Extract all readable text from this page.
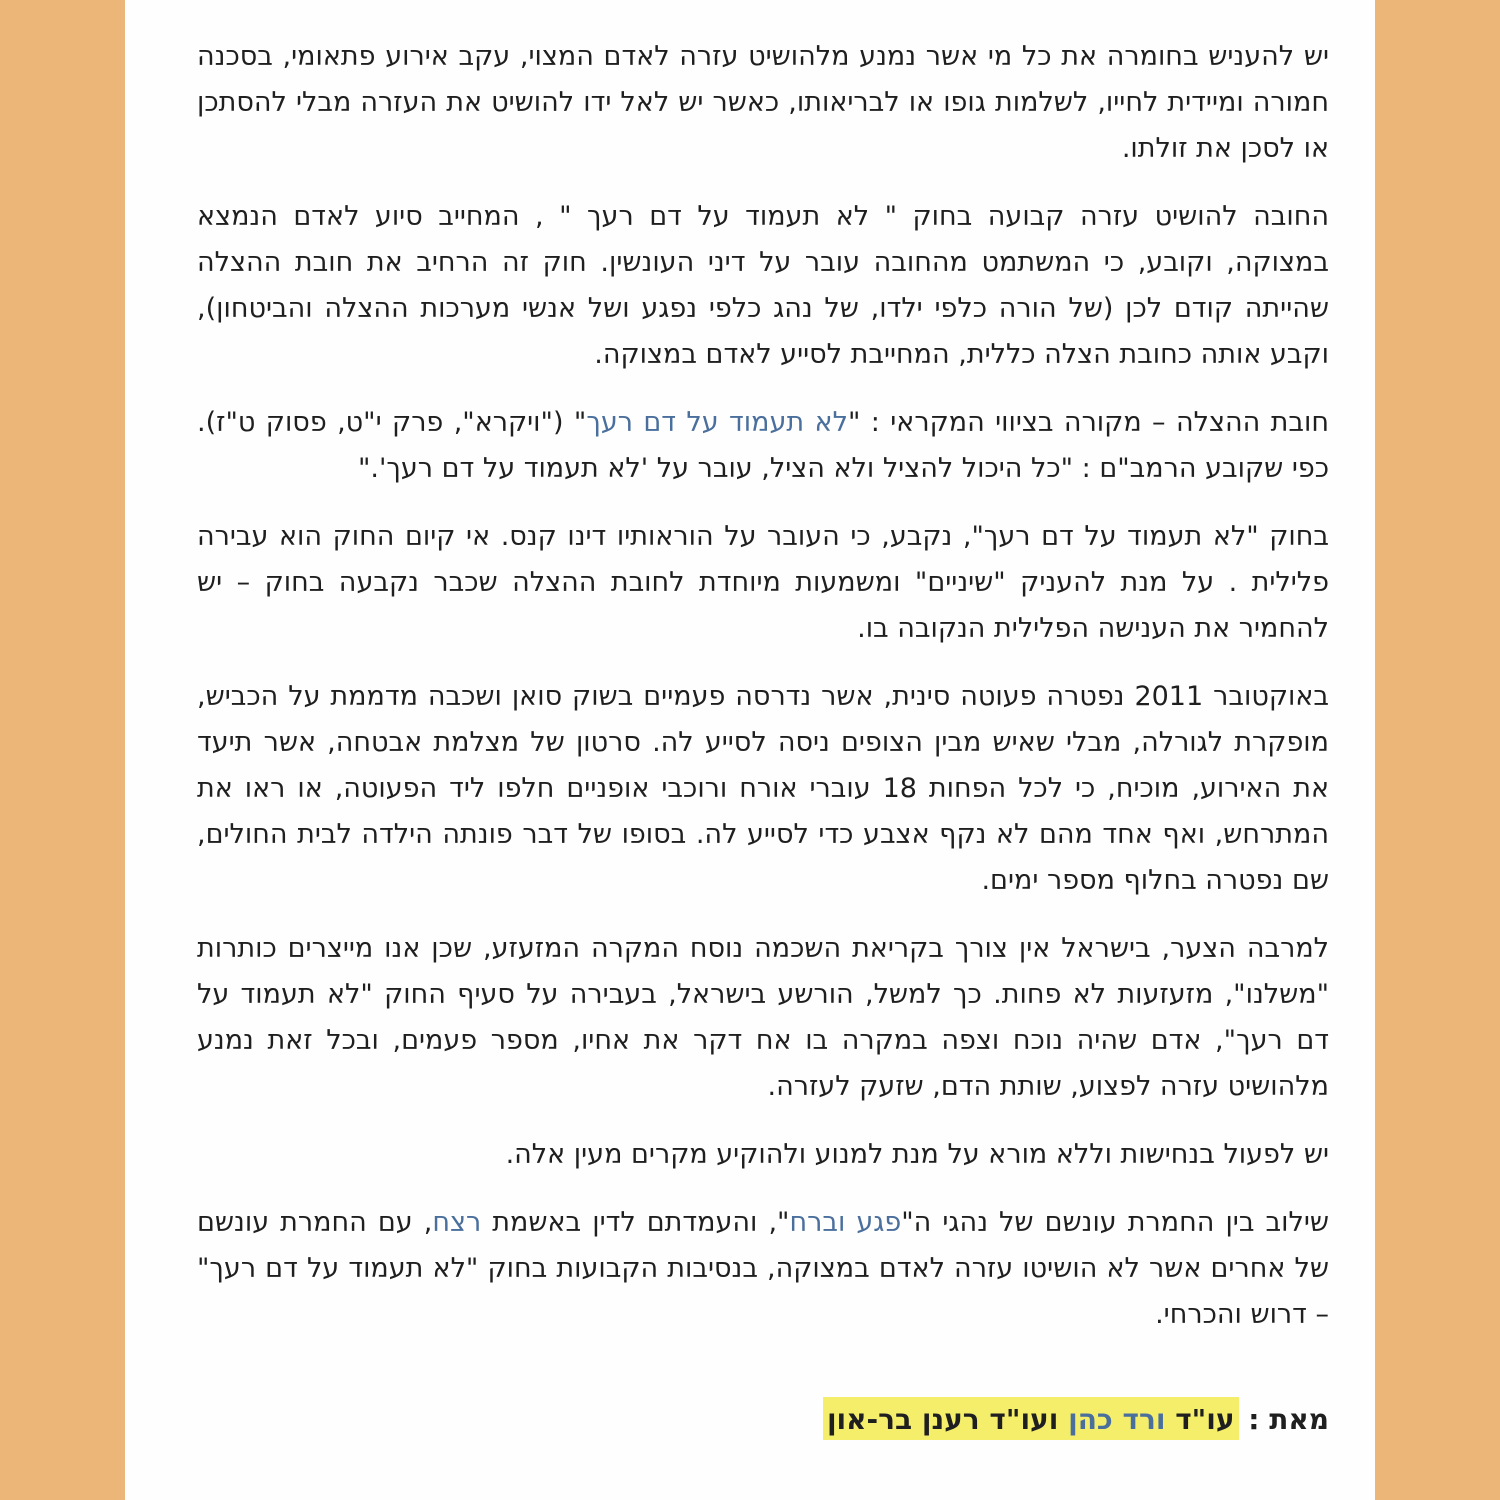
יש להעניש בחומרה את כל מי אשר נמנע מלהושיט עזרה לאדם המצוי, עקב אירוע פתאומי, בסכנה חמורה ומיידית לחייו, לשלמות גופו או לבריאותו, כאשר יש לאל ידו להושיט את העזרה מבלי להסתכן או לסכן את זולתו.

החובה להושיט עזרה קבועה בחוק " לא תעמוד על דם רעך " , המחייב סיוע לאדם הנמצא במצוקה, וקובע, כי המשתמט מהחובה עובר על דיני העונשין. חוק זה הרחיב את חובת ההצלה שהייתה קודם לכן (של הורה כלפי ילדו, של נהג כלפי נפגע ושל אנשי מערכות ההצלה והביטחון), וקבע אותה כחובת הצלה כללית, המחייבת לסייע לאדם במצוקה.

חובת ההצלה – מקורה בציווי המקראי : "לא תעמוד על דם רעך" ("ויקרא", פרק י"ט, פסוק ט"ז). כפי שקובע הרמב"ם : "כל היכול להציל ולא הציל, עובר על 'לא תעמוד על דם רעך'."

בחוק "לא תעמוד על דם רעך", נקבע, כי העובר על הוראותיו דינו קנס. אי קיום החוק הוא עבירה פלילית . על מנת להעניק "שיניים" ומשמעות מיוחדת לחובת ההצלה שכבר נקבעה בחוק – יש להחמיר את הענישה הפלילית הנקובה בו.

באוקטובר 2011 נפטרה פעוטה סינית, אשר נדרסה פעמיים בשוק סואן ושכבה מדממת על הכביש, מופקרת לגורלה, מבלי שאיש מבין הצופים ניסה לסייע לה. סרטון של מצלמת אבטחה, אשר תיעד את האירוע, מוכיח, כי לכל הפחות 18 עוברי אורח ורוכבי אופניים חלפו ליד הפעוטה, או ראו את המתרחש, ואף אחד מהם לא נקף אצבע כדי לסייע לה. בסופו של דבר פונתה הילדה לבית החולים, שם נפטרה בחלוף מספר ימים.

למרבה הצער, בישראל אין צורך בקריאת השכמה נוסח המקרה המזעזע, שכן אנו מייצרים כותרות "משלנו", מזעזעות לא פחות. כך למשל, הורשע בישראל, בעבירה על סעיף החוק "לא תעמוד על דם רעך", אדם שהיה נוכח וצפה במקרה בו אח דקר את אחיו, מספר פעמים, ובכל זאת נמנע מלהושיט עזרה לפצוע, שותת הדם, שזעק לעזרה.

יש לפעול בנחישות וללא מורא על מנת למנוע ולהוקיע מקרים מעין אלה.

שילוב בין החמרת עונשם של נהגי ה"פגע וברח", והעמדתם לדין באשמת רצח, עם החמרת עונשם של אחרים אשר לא הושיטו עזרה לאדם במצוקה, בנסיבות הקבועות בחוק "לא תעמוד על דם רעך" – דרוש והכרחי.

מאת : עו"ד ורד כהן ועו"ד רענן בר-און
